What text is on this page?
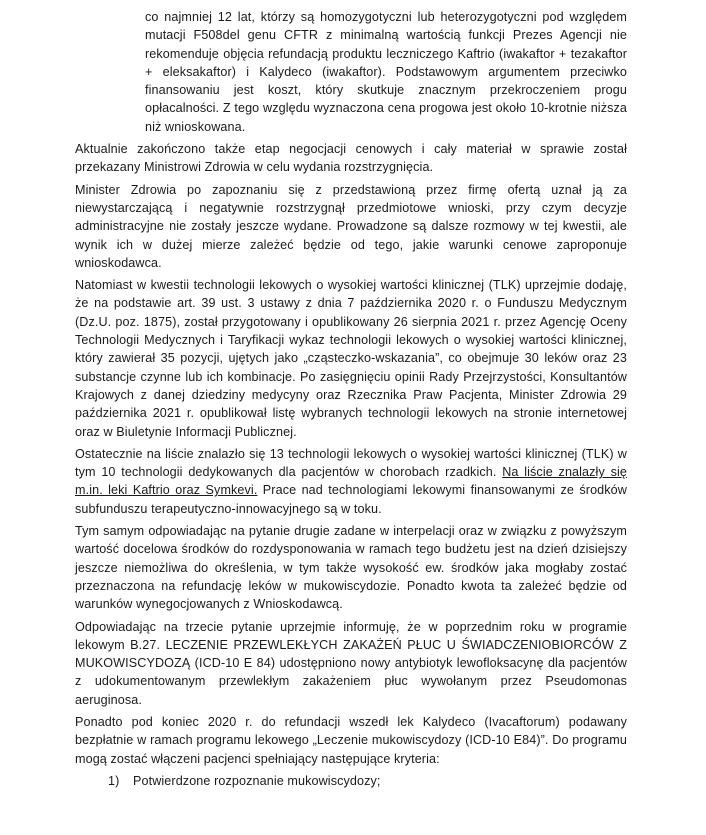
co najmniej 12 lat, którzy są homozygotyczni lub heterozygotyczni pod względem mutacji F508del genu CFTR z minimalną wartością funkcji Prezes Agencji nie rekomenduje objęcia refundacją produktu leczniczego Kaftrio (iwakaftor + tezakaftor + eleksakaftor) i Kalydeco (iwakaftor). Podstawowym argumentem przeciwko finansowaniu jest koszt, który skutkuje znacznym przekroczeniem progu opłacalności. Z tego względu wyznaczona cena progowa jest około 10-krotnie niższa niż wnioskowana.

Aktualnie zakończono także etap negocjacji cenowych i cały materiał w sprawie został przekazany Ministrowi Zdrowia w celu wydania rozstrzygnięcia.

Minister Zdrowia po zapoznaniu się z przedstawioną przez firmę ofertą uznał ją za niewystarczającą i negatywnie rozstrzygnął przedmiotowe wnioski, przy czym decyzje administracyjne nie zostały jeszcze wydane. Prowadzone są dalsze rozmowy w tej kwestii, ale wynik ich w dużej mierze zależeć będzie od tego, jakie warunki cenowe zaproponuje wnioskodawca.

Natomiast w kwestii technologii lekowych o wysokiej wartości klinicznej (TLK) uprzejmie dodaję, że na podstawie art. 39 ust. 3 ustawy z dnia 7 października 2020 r. o Funduszu Medycznym (Dz.U. poz. 1875), został przygotowany i opublikowany 26 sierpnia 2021 r. przez Agencję Oceny Technologii Medycznych i Taryfikacji wykaz technologii lekowych o wysokiej wartości klinicznej, który zawierał 35 pozycji, ujętych jako „cząsteczko-wskazania”, co obejmuje 30 leków oraz 23 substancje czynne lub ich kombinacje. Po zasięgnięciu opinii Rady Przejrzystości, Konsultantów Krajowych z danej dziedziny medycyny oraz Rzecznika Praw Pacjenta, Minister Zdrowia 29 października 2021 r. opublikował listę wybranych technologii lekowych na stronie internetowej oraz w Biuletynie Informacji Publicznej.

Ostatecznie na liście znalazło się 13 technologii lekowych o wysokiej wartości klinicznej (TLK) w tym 10 technologii dedykowanych dla pacjentów w chorobach rzadkich. Na liście znalazły się m.in. leki Kaftrio oraz Symkevi. Prace nad technologiami lekowymi finansowanymi ze środków subfunduszu terapeutyczno-innowacyjnego są w toku.

Tym samym odpowiadając na pytanie drugie zadane w interpelacji oraz w związku z powyższym wartość docelowa środków do rozdysponowania w ramach tego budżetu jest na dzień dzisiejszy jeszcze niemożliwa do określenia, w tym także wysokość ew. środków jaka mogłaby zostać przeznaczona na refundację leków w mukowiscydozie. Ponadto kwota ta zależeć będzie od warunków wynegocjowanych z Wnioskodawcą.

Odpowiadając na trzecie pytanie uprzejmie informuję, że w poprzednim roku w programie lekowym B.27. LECZENIE PRZEWLEKŁYCH ZAKAŻEŃ PŁUC U ŚWIADCZENIOBIORCÓW Z MUKOWISCYDOZĄ (ICD-10 E 84) udostępniono nowy antybiotyk lewofloksacynę dla pacjentów z udokumentowanym przewlekłym zakażeniem płuc wywołanym przez Pseudomonas aeruginosa.

Ponadto pod koniec 2020 r. do refundacji wszedł lek Kalydeco (Ivacaftorum) podawany bezpłatnie w ramach programu lekowego „Leczenie mukowiscydozy (ICD-10 E84)”. Do programu mogą zostać włączeni pacjenci spełniający następujące kryteria:

1)	Potwierdzone rozpoznanie mukowiscydozy;
